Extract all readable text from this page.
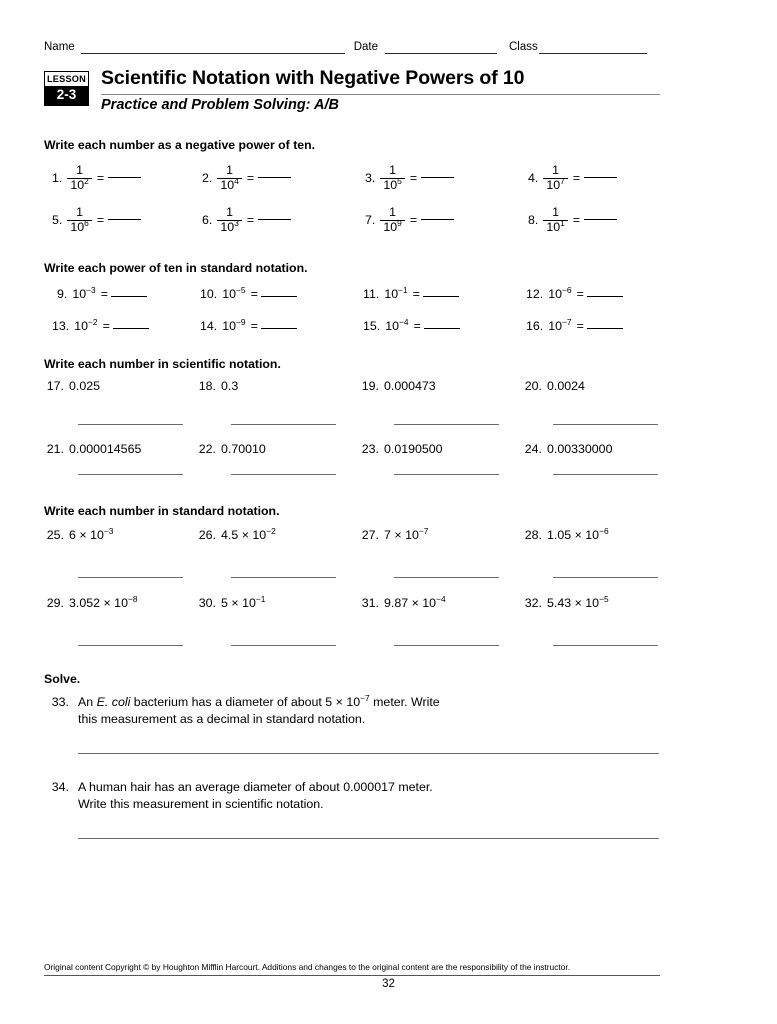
Name	Date	Class
LESSON
2-3
Scientific Notation with Negative Powers of 10
Practice and Problem Solving: A/B
Write each number as a negative power of ten.
1. $\frac{1}{10^2}$ =	2. $\frac{1}{10^4}$ =	3. $\frac{1}{10^5}$ =	4. $\frac{1}{10^7}$ =
5. $\frac{1}{10^6}$ =	6. $\frac{1}{10^3}$ =	7. $\frac{1}{10^9}$ =	8. $\frac{1}{10^1}$ =
Write each power of ten in standard notation.
9. $10^{-3}$ =	10. $10^{-5}$ =	11. $10^{-1}$ =	12. $10^{-6}$ =
13. $10^{-2}$ =	14. $10^{-9}$ =	15. $10^{-4}$ =	16. $10^{-7}$ =
Write each number in scientific notation.
17. 0.025	18. 0.3	19. 0.000473	20. 0.0024
21. 0.000014565	22. 0.70010	23. 0.0190500	24. 0.00330000
Write each number in standard notation.
25. $6 \times 10^{-3}$	26. $4.5 \times 10^{-2}$	27. $7 \times 10^{-7}$	28. $1.05 \times 10^{-6}$
29. $3.052 \times 10^{-8}$	30. $5 \times 10^{-1}$	31. $9.87 \times 10^{-4}$	32. $5.43 \times 10^{-5}$
Solve.
33. An E. coli bacterium has a diameter of about $5 \times 10^{-7}$ meter. Write
this measurement as a decimal in standard notation.
34. A human hair has an average diameter of about 0.000017 meter.
Write this measurement in scientific notation.
Original content Copyright © by Houghton Mifflin Harcourt. Additions and changes to the original content are the responsibility of the instructor.
32
